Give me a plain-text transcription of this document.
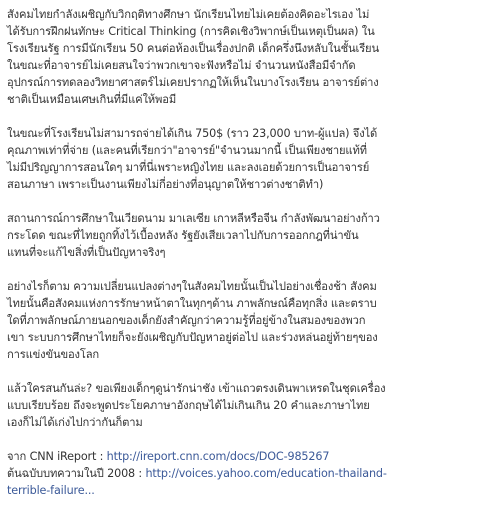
สังคมไทยกำลังเผชิญกับวิกฤติทางศึกษา นักเรียนไทยไม่เคยต้องคิดอะไรเอง ไม่
ได้รับการฝึกฝนทักษะ Critical Thinking (การคิดเชิงวิพากษ์เป็นเหตุเป็นผล) ใน
โรงเรียนรัฐ การมีนักเรียน 50 คนต่อห้องเป็นเรื่องปกติ เด็กครึ่งนึงหลับในชั้นเรียน
ในขณะที่อาจารย์ไม่เคยสนใจว่าพวกเขาจะฟังหรือไม่ จำนวนหนังสือมีจำกัด
อุปกรณ์การทดลองวิทยาศาสตร์ไม่เคยปรากฏให้เห็นในบางโรงเรียน อาจารย์ต่าง
ชาติเป็นเหมือนเศษเกินที่มีแค่ให้พอมี
ในขณะที่โรงเรียนไม่สามารถจ่ายได้เกิน 750$ (ราว 23,000 บาท-ผู้แปล) จึงได้
คุณภาพเท่าที่จ่าย (และคนที่เรียกว่า"อาจารย์"จำนวนมากนี้ เป็นเพียงชายแท้ที่
ไม่มีปริญญาการสอนใดๆ มาที่นี่เพราะหญิงไทย และลงเอยด้วยการเป็นอาจารย์
สอนภาษา เพราะเป็นงานเพียงไม่กี่อย่างที่อนุญาตให้ชาวต่างชาติทำ)
สถานการณ์การศึกษาในเวียดนาม มาเลเซีย เกาหลีหรือจีน กำลังพัฒนาอย่างก้าว
กระโดด ขณะที่ไทยถูกทิ้งไว้เบื้องหลัง รัฐยังเสียเวลาไปกับการออกกฎที่น่าขัน
แทนที่จะแก้ไขสิ่งที่เป็นปัญหาจริงๆ
อย่างไรก็ตาม ความเปลี่ยนแปลงต่างๆในสังคมไทยนั้นเป็นไปอย่างเชื่องช้า สังคม
ไทยนั้นคือสังคมแห่งการรักษาหน้าตาในทุกๆด้าน ภาพลักษณ์คือทุกสิ่ง และตราบ
ใดที่ภาพลักษณ์ภายนอกของเด็กยังสำคัญกว่าความรู้ที่อยู่ข้างในสมองของพวก
เขา ระบบการศึกษาไทยก็จะยังเผชิญกับปัญหาอยู่ต่อไป และร่วงหล่นอยู่ท้ายๆของ
การแข่งขันของโลก
แล้วใครสนกันล่ะ? ขอเพียงเด็กๆดูน่ารักน่าชัง เข้าแถวตรงเดินพาเหรดในชุดเครื่อง
แบบเรียบร้อย ถึงจะพูดประโยคภาษาอังกฤษได้ไม่เกินเกิน 20 คำและภาษาไทย
เองก็ไม่ได้เก่งไปกว่ากันก็ตาม
จาก CNN iReport : http://ireport.cnn.com/docs/DOC-985267
ต้นฉบับบทความในปี 2008 : http://voices.yahoo.com/education-thailand-
terrible-failure...
